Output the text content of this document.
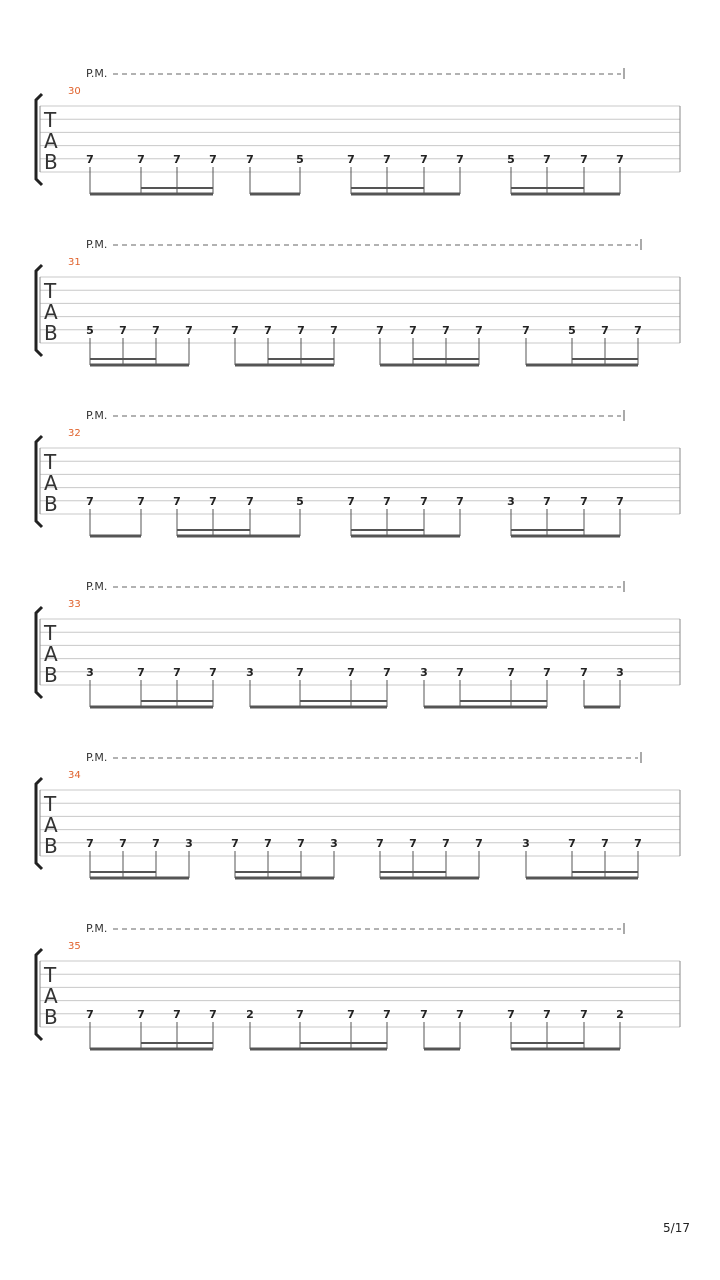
P.M.
30
T
A
B	7	7	7	7	7	5	7	7	7	7	5	7	7	7
P.M.
31
T
A
B	5 7 7 7	7 7 7 7	7 7 7 7	7	5 7 7
P.M.
32
T
A
B	7	7	7	7	7	5	7	7	7	7	3	7	7	7
P.M.
33
T
A
B	3	7	7	7	3	7	7	7	3	7	7	7	7	3
P.M.
34
T
A
B	7 7 7 3	7 7 7 3	7 7 7 7	3	7 7 7
P.M.
35
T
A
B	7	7	7	7	2	7	7	7	7	7	7	7	7	2
5/17
